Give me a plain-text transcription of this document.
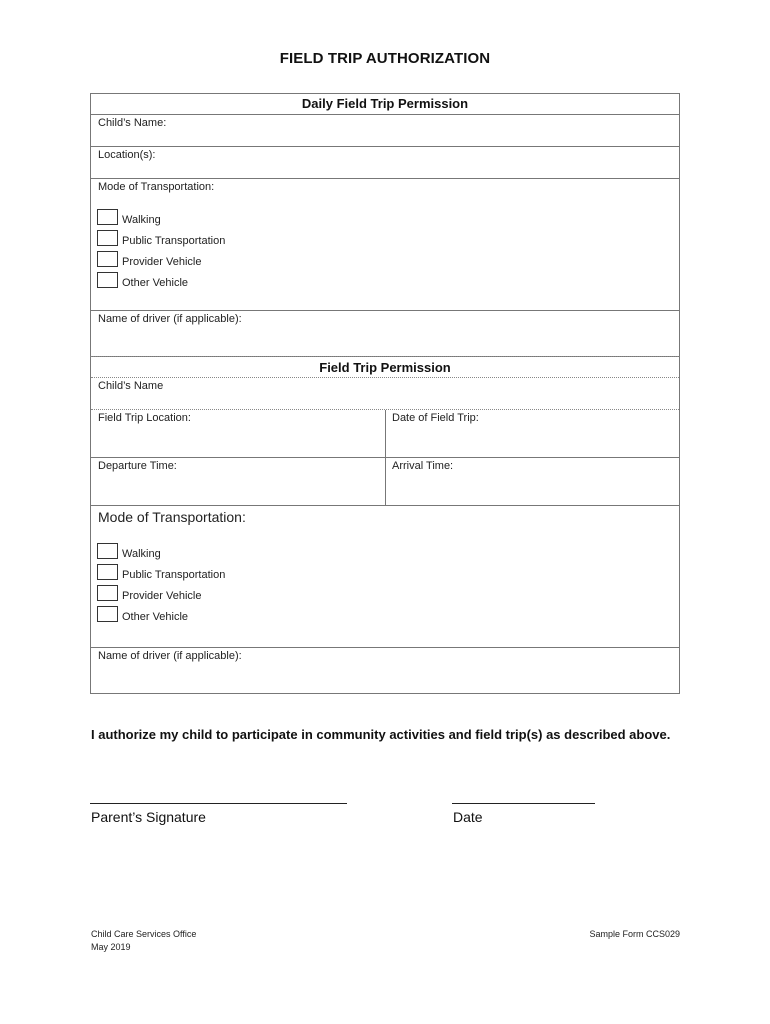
FIELD TRIP AUTHORIZATION
Daily Field Trip Permission
Child’s Name:
Location(s):
Mode of Transportation:
Walking
Public Transportation
Provider Vehicle
Other Vehicle
Name of driver (if applicable):
Field Trip Permission
Child’s Name
Field Trip Location:	Date of Field Trip:
Departure Time:	Arrival Time:
Mode of Transportation:
Walking
Public Transportation
Provider Vehicle
Other Vehicle
Name of driver (if applicable):
I authorize my child to participate in community activities and field trip(s) as described above.
Parent’s Signature	Date
Child Care Services Office
May 2019
Sample Form CCS029
